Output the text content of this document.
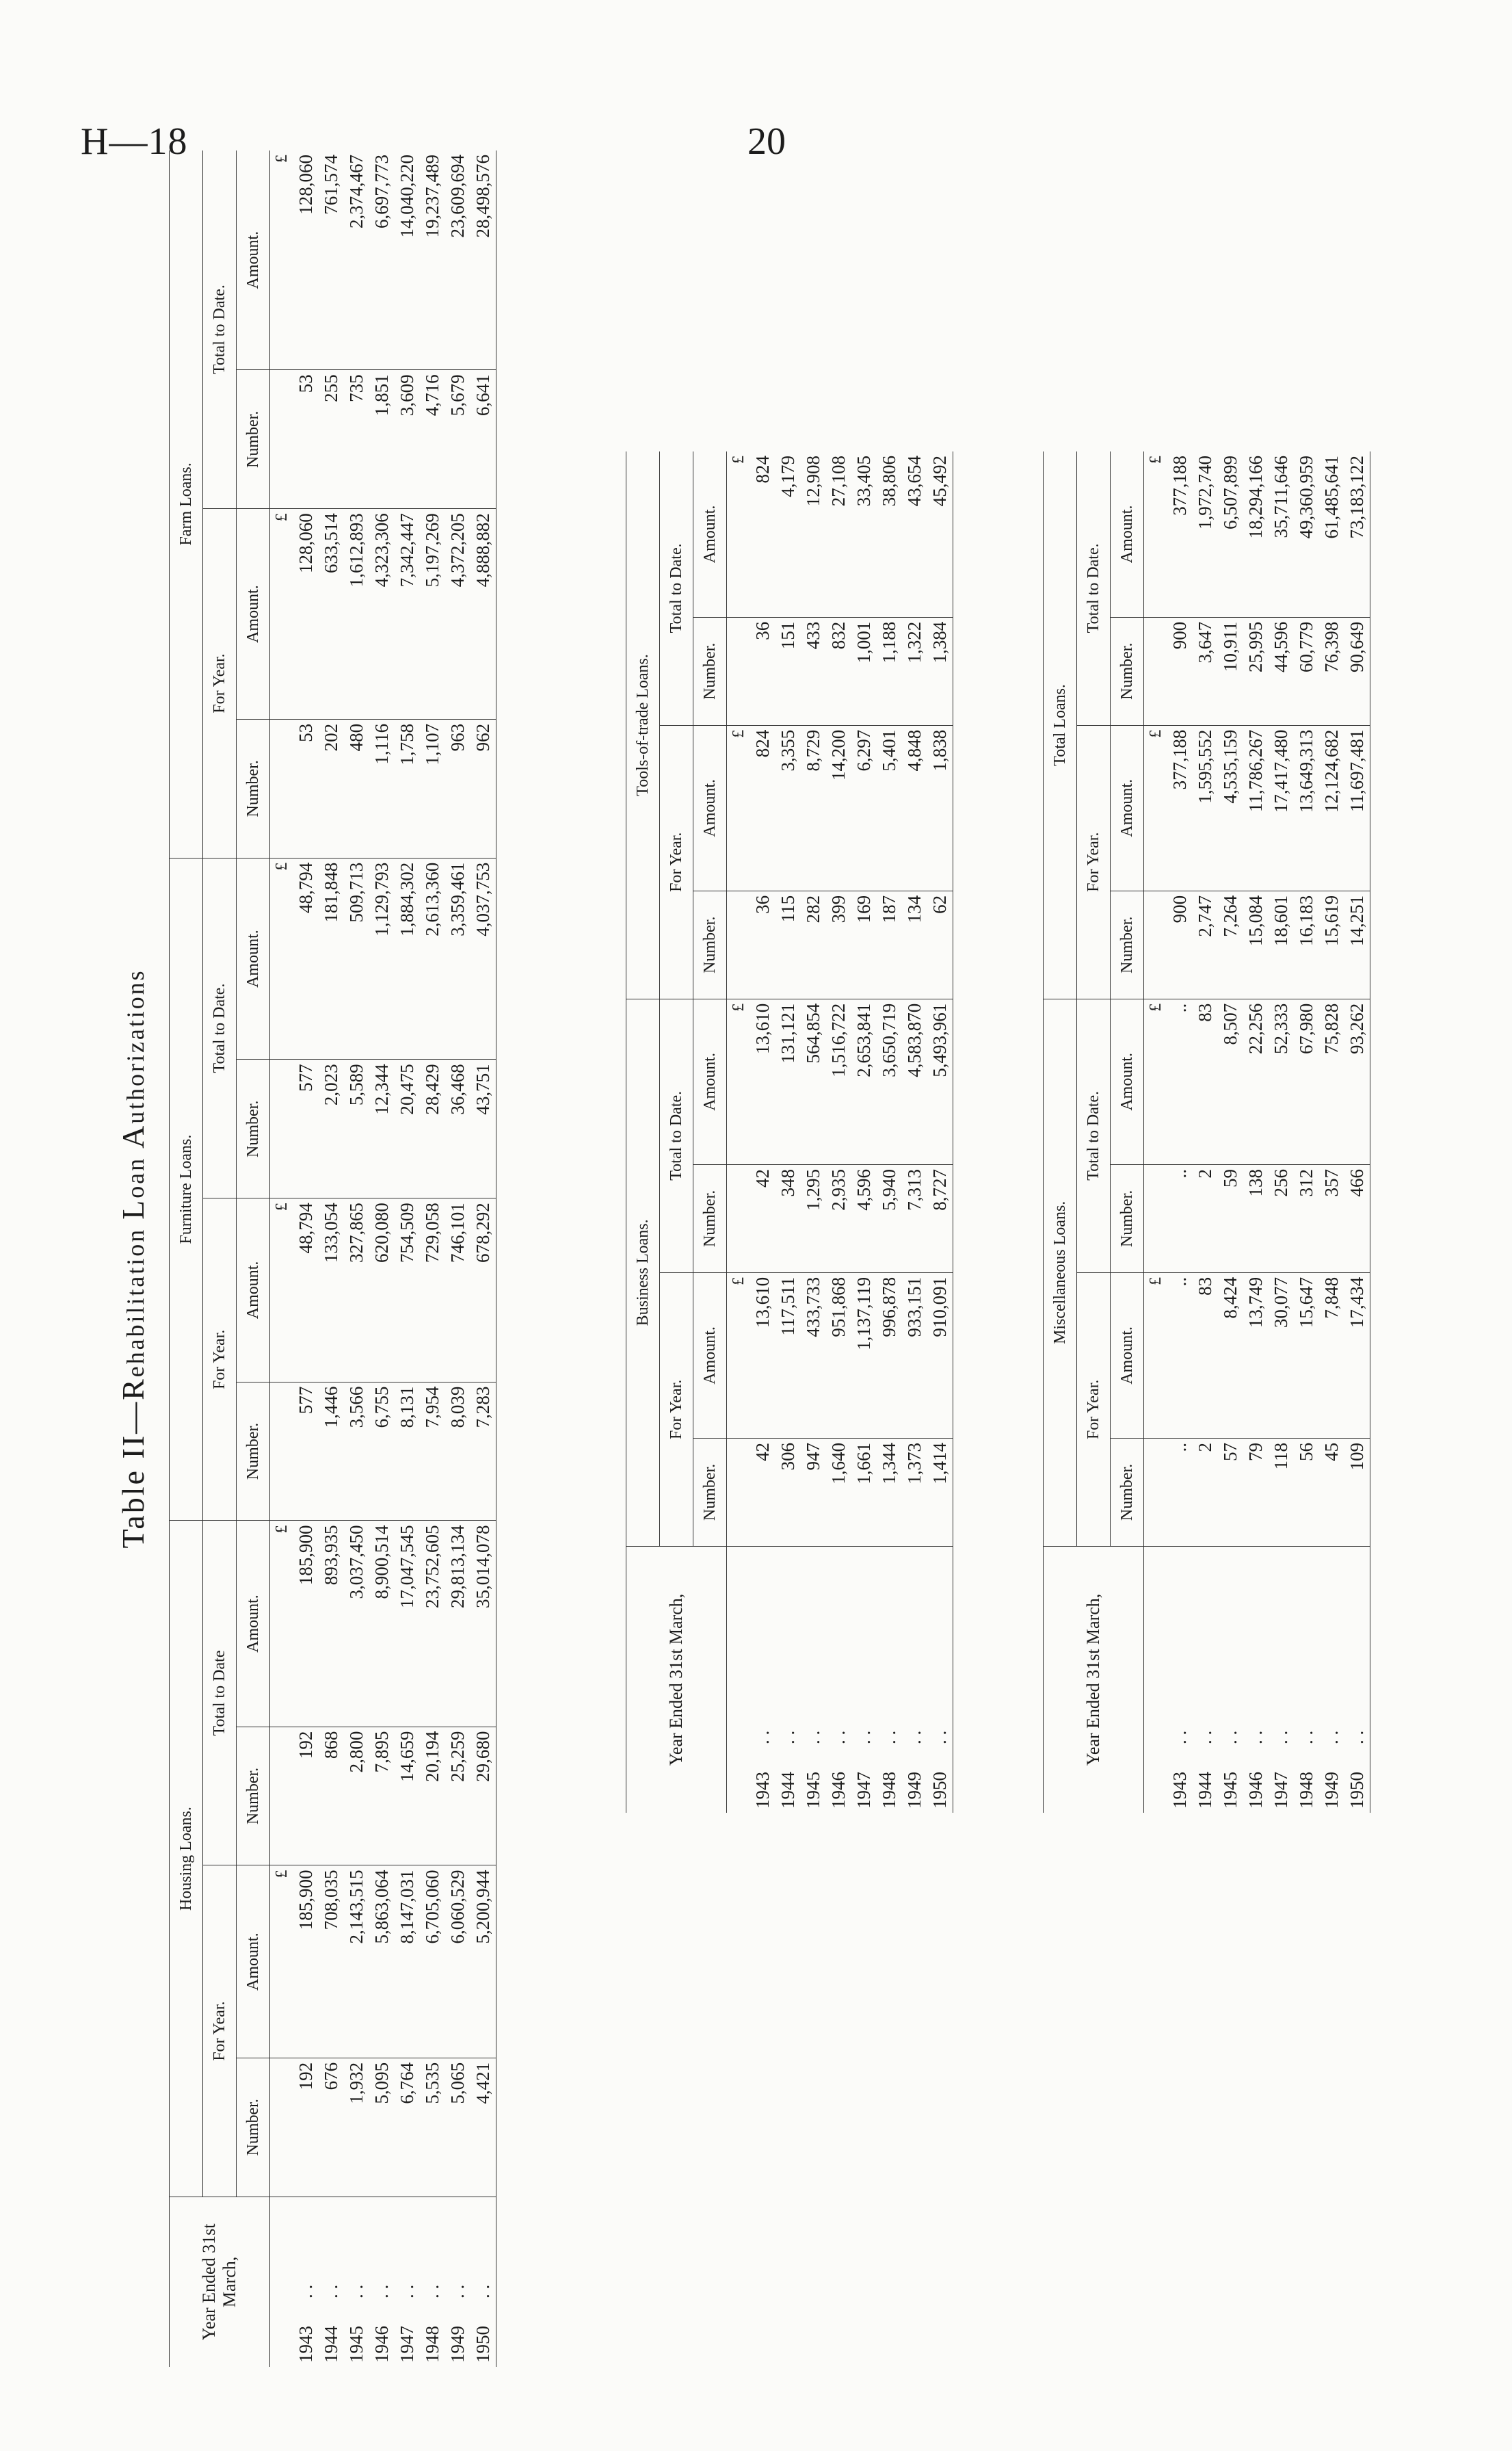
H—18	20
Table II—Rehabilitation Loan Authorizations
Year Ended 31st March,	Housing Loans.				Furniture Loans.				Farm Loans.			
	For Year.		Total to Date		For Year.		Total to Date.		For Year.		Total to Date.	
	Number.	Amount.	Number.	Amount.	Number.	Amount.	Number.	Amount.	Number.	Amount.	Number.	Amount.
		£		£		£		£		£		£
1943. .	192	185,900	192	185,900	577	48,794	577	48,794	53	128,060	53	128,060
1944. .	676	708,035	868	893,935	1,446	133,054	2,023	181,848	202	633,514	255	761,574
1945. .	1,932	2,143,515	2,800	3,037,450	3,566	327,865	5,589	509,713	480	1,612,893	735	2,374,467
1946. .	5,095	5,863,064	7,895	8,900,514	6,755	620,080	12,344	1,129,793	1,116	4,323,306	1,851	6,697,773
1947. .	6,764	8,147,031	14,659	17,047,545	8,131	754,509	20,475	1,884,302	1,758	7,342,447	3,609	14,040,220
1948. .	5,535	6,705,060	20,194	23,752,605	7,954	729,058	28,429	2,613,360	1,107	5,197,269	4,716	19,237,489
1949. .	5,065	6,060,529	25,259	29,813,134	8,039	746,101	36,468	3,359,461	963	4,372,205	5,679	23,609,694
1950. .	4,421	5,200,944	29,680	35,014,078	7,283	678,292	43,751	4,037,753	962	4,888,882	6,641	28,498,576
Year Ended 31st March,	Business Loans.				Tools-of-trade Loans.			
	For Year.		Total to Date.		For Year.		Total to Date.	
	Number.	Amount.	Number.	Amount.	Number.	Amount.	Number.	Amount.
		£		£		£		£
1943. .	42	13,610	42	13,610	36	824	36	824
1944. .	306	117,511	348	131,121	115	3,355	151	4,179
1945. .	947	433,733	1,295	564,854	282	8,729	433	12,908
1946. .	1,640	951,868	2,935	1,516,722	399	14,200	832	27,108
1947. .	1,661	1,137,119	4,596	2,653,841	169	6,297	1,001	33,405
1948. .	1,344	996,878	5,940	3,650,719	187	5,401	1,188	38,806
1949. .	1,373	933,151	7,313	4,583,870	134	4,848	1,322	43,654
1950. .	1,414	910,091	8,727	5,493,961	62	1,838	1,384	45,492
Year Ended 31st March,	Miscellaneous Loans.				Total Loans.			
	For Year.		Total to Date.		For Year.		Total to Date.	
	Number.	Amount.	Number.	Amount.	Number.	Amount.	Number.	Amount.
		£		£		£		£
1943. .	..	..	..	..	900	377,188	900	377,188
1944. .	2	83	2	83	2,747	1,595,552	3,647	1,972,740
1945. .	57	8,424	59	8,507	7,264	4,535,159	10,911	6,507,899
1946. .	79	13,749	138	22,256	15,084	11,786,267	25,995	18,294,166
1947. .	118	30,077	256	52,333	18,601	17,417,480	44,596	35,711,646
1948. .	56	15,647	312	67,980	16,183	13,649,313	60,779	49,360,959
1949. .	45	7,848	357	75,828	15,619	12,124,682	76,398	61,485,641
1950. .	109	17,434	466	93,262	14,251	11,697,481	90,649	73,183,122
